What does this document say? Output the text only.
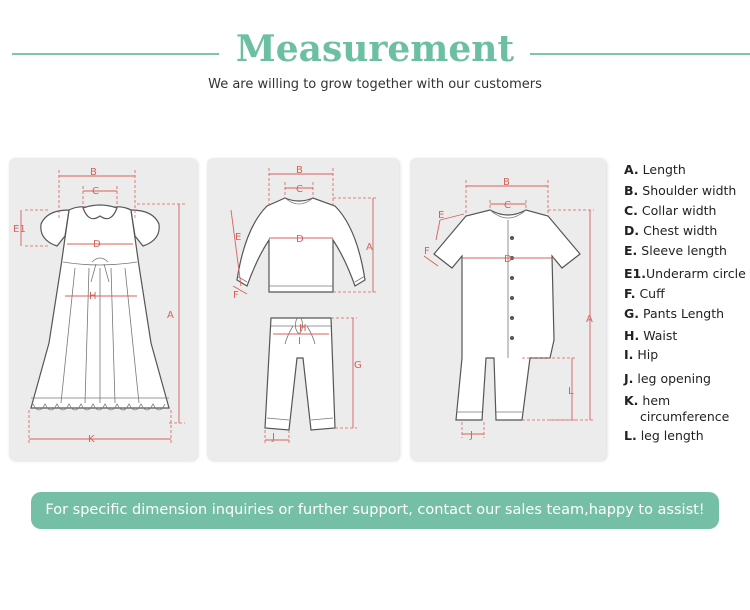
Measurement
We are willing to grow together with our customers
B
C
D
E1
H
A
K
B
C
D
E
F
A
H
I
G
J
B
C
D
E
F
A
L
J
A. Length
B. Shoulder width
C. Collar width
D. Chest width
E. Sleeve length
E1.Underarm circle
F. Cuff
G. Pants Length
H. Waist
I. Hip
J. leg opening
K. hem
circumference
L. leg length
For specific dimension inquiries or further support, contact our sales team,happy to assist!
